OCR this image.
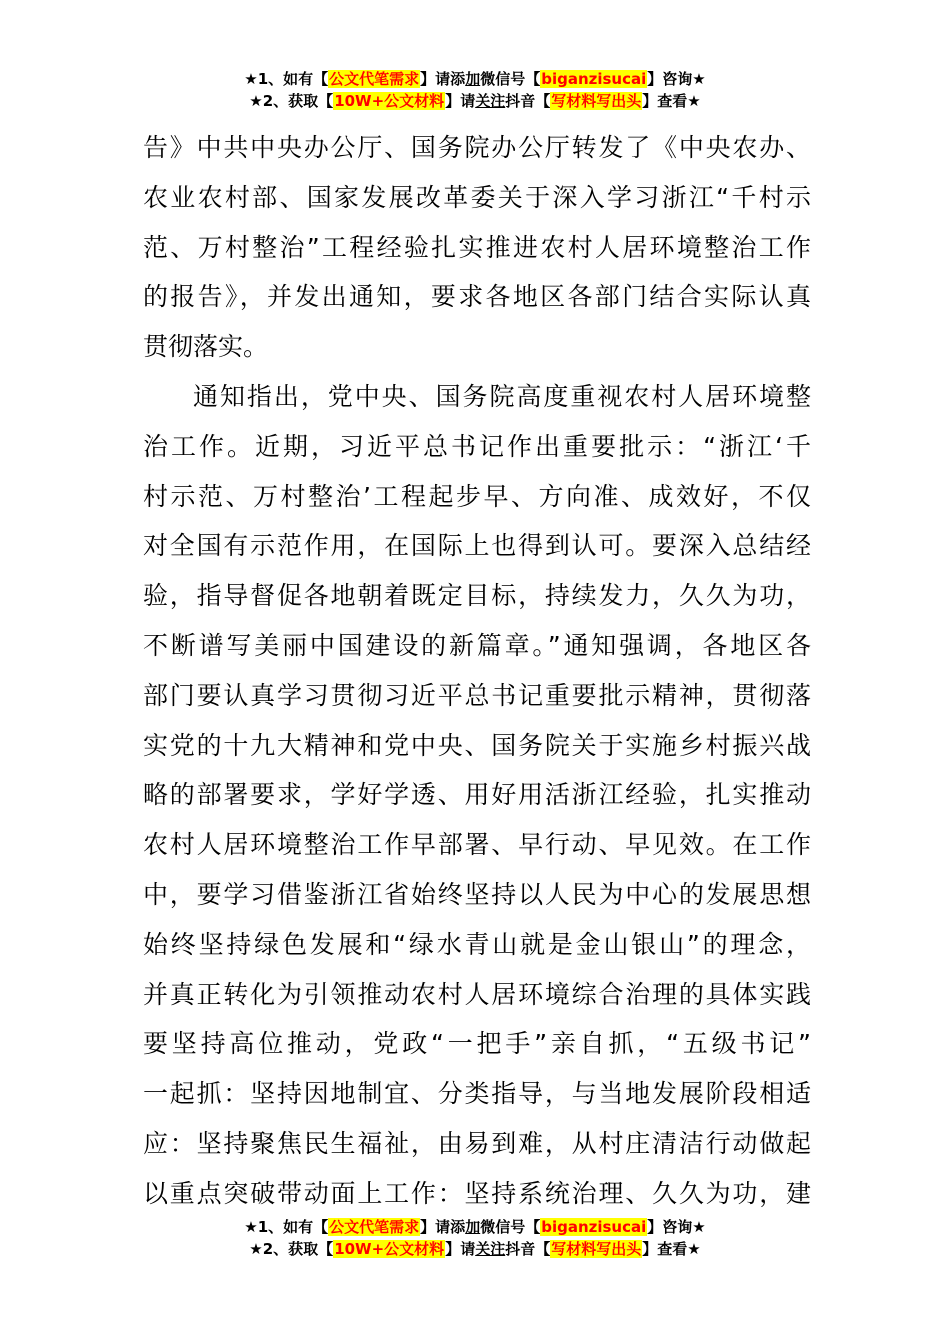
★1、如有【公文代笔需求】请添加微信号【biganzisucai】咨询★
★2、获取【10W+公文材料】请关注抖音【写材料写出头】查看★
告》中共中央办公厅、国务院办公厅转发了《中央农办、
农业农村部、国家发展改革委关于深入学习浙江“千村示
范、万村整治”工程经验扎实推进农村人居环境整治工作
的报告》，并发出通知，要求各地区各部门结合实际认真
贯彻落实。
通知指出，党中央、国务院高度重视农村人居环境整
治工作。近期，习近平总书记作出重要批示：“浙江‘千
村示范、万村整治’工程起步早、方向准、成效好，不仅
对全国有示范作用，在国际上也得到认可。要深入总结经
验，指导督促各地朝着既定目标，持续发力，久久为功，
不断谱写美丽中国建设的新篇章。”通知强调，各地区各
部门要认真学习贯彻习近平总书记重要批示精神，贯彻落
实党的十九大精神和党中央、国务院关于实施乡村振兴战
略的部署要求，学好学透、用好用活浙江经验，扎实推动
农村人居环境整治工作早部署、早行动、早见效。在工作
中，要学习借鉴浙江省始终坚持以人民为中心的发展思想
始终坚持绿色发展和“绿水青山就是金山银山”的理念，
并真正转化为引领推动农村人居环境综合治理的具体实践
要坚持高位推动，党政“一把手”亲自抓，“五级书记”
一起抓：坚持因地制宜、分类指导，与当地发展阶段相适
应：坚持聚焦民生福祉，由易到难，从村庄清洁行动做起
以重点突破带动面上工作：坚持系统治理、久久为功，建
★1、如有【公文代笔需求】请添加微信号【biganzisucai】咨询★
★2、获取【10W+公文材料】请关注抖音【写材料写出头】查看★
